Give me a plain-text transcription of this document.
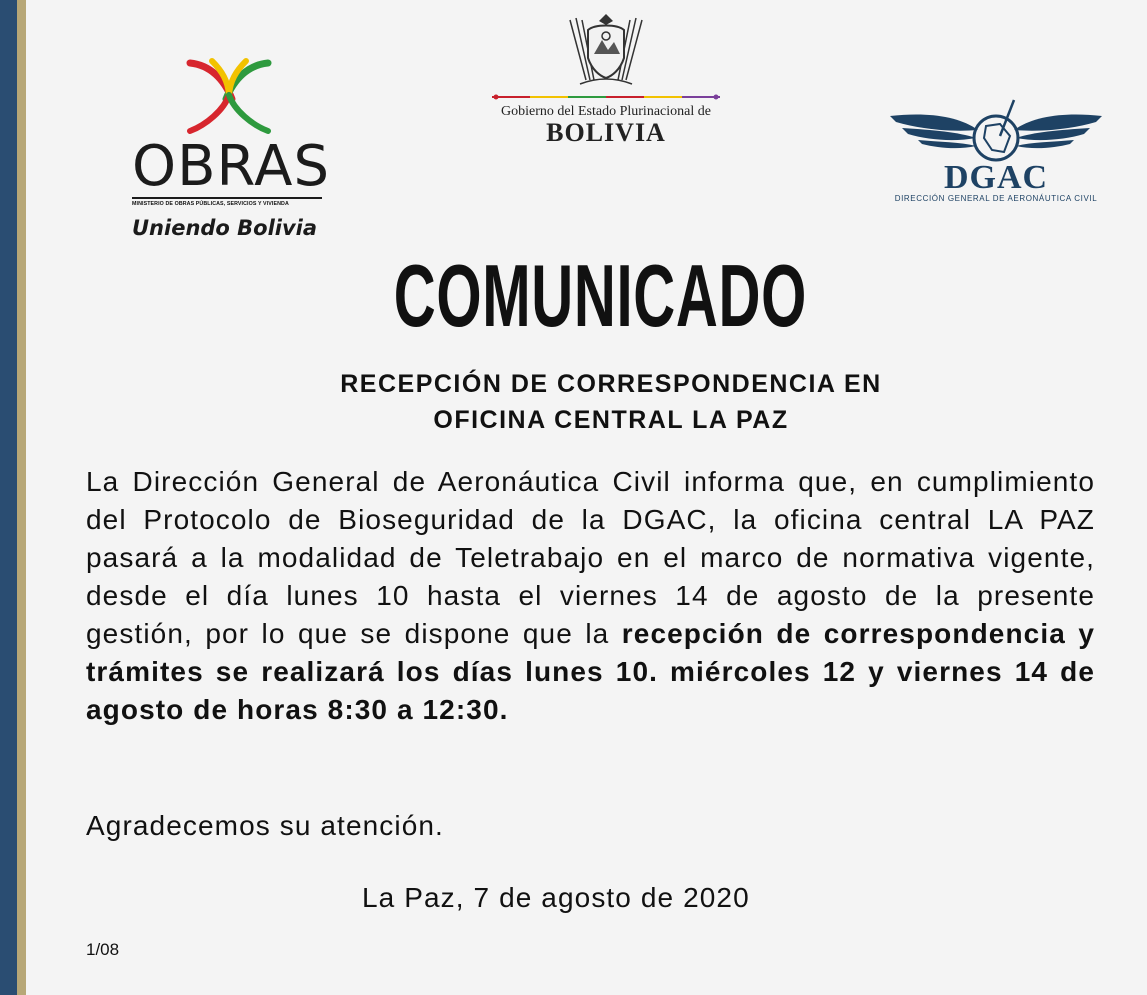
OBRAS
MINISTERIO DE OBRAS PÚBLICAS, SERVICIOS Y VIVIENDA
Uniendo Bolivia
Gobierno del Estado Plurinacional de
BOLIVIA
DGAC
DIRECCIÓN GENERAL DE AERONÁUTICA CIVIL
COMUNICADO
RECEPCIÓN DE CORRESPONDENCIA EN
OFICINA CENTRAL LA PAZ
La Dirección General de Aeronáutica Civil informa que, en cumplimiento del Protocolo de Bioseguridad de la DGAC, la oficina central LA PAZ pasará a la modalidad de Teletrabajo en el marco de normativa vigente, desde el día lunes 10 hasta el viernes 14 de agosto de la presente gestión, por lo que se dispone que la recepción de correspondencia y trámites se realizará los días lunes 10. miércoles 12 y viernes 14 de agosto de horas 8:30 a 12:30.
Agradecemos su atención.
La Paz, 7 de agosto de 2020
1/08
